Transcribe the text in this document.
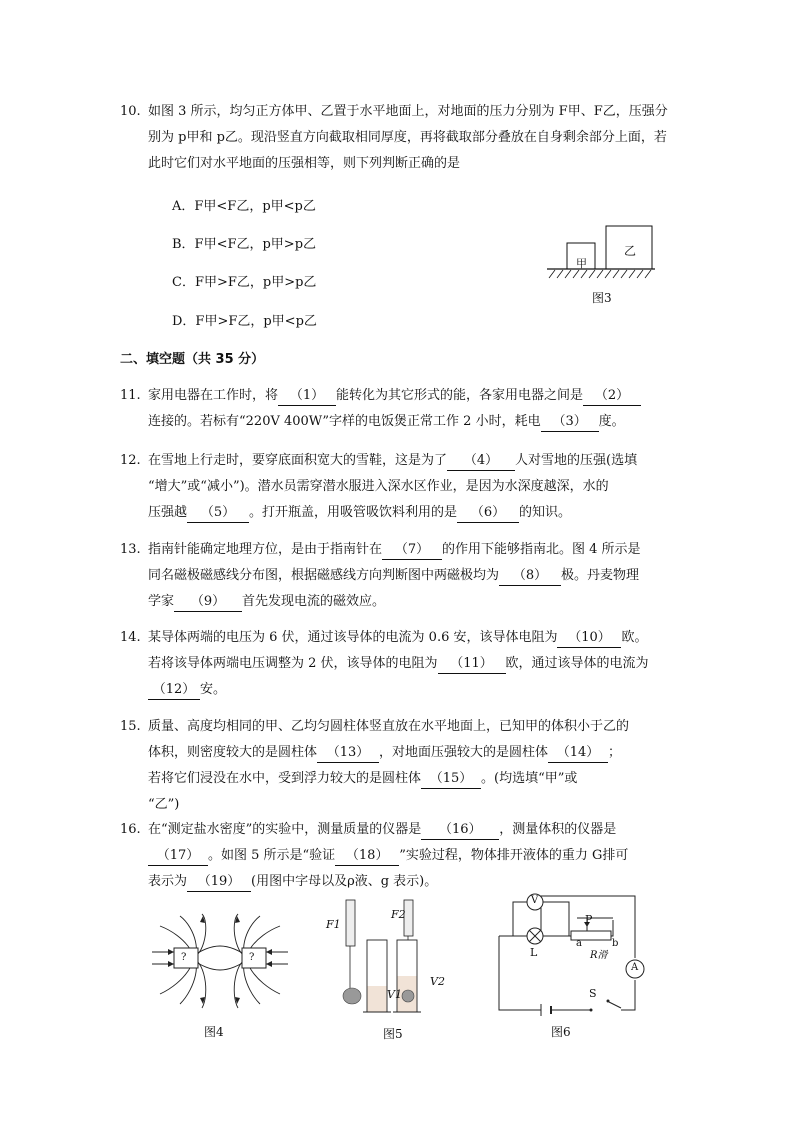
10. 如图 3 所示，均匀正方体甲、乙置于水平地面上，对地面的压力分别为 F甲、F乙，压强分
别为 p甲和 p乙。现沿竖直方向截取相同厚度，再将截取部分叠放在自身剩余部分上面，若
此时它们对水平地面的压强相等，则下列判断正确的是
A．F甲<F乙，p甲<p乙
B．F甲<F乙，p甲>p乙
C．F甲>F乙，p甲>p乙
D．F甲>F乙，p甲<p乙
甲
乙
图3
二、填空题（共 35 分）
11. 家用电器在工作时，将 （1） 能转化为其它形式的能，各家用电器之间是 （2）
连接的。若标有“220V 400W”字样的电饭煲正常工作 2 小时，耗电 （3） 度。
12. 在雪地上行走时，要穿底面积宽大的雪鞋，这是为了 （4） 人对雪地的压强(选填
“增大”或“减小”)。潜水员需穿潜水服进入深水区作业，是因为水深度越深，水的
压强越 （5） 。打开瓶盖，用吸管吸饮料利用的是 （6） 的知识。
13. 指南针能确定地理方位，是由于指南针在 （7） 的作用下能够指南北。图 4 所示是
同名磁极磁感线分布图，根据磁感线方向判断图中两磁极均为 （8） 极。丹麦物理
学家 （9） 首先发现电流的磁效应。
14. 某导体两端的电压为 6 伏，通过该导体的电流为 0.6 安，该导体电阻为 （10） 欧。
若将该导体两端电压调整为 2 伏，该导体的电阻为 （11） 欧，通过该导体的电流为
（12） 安。
15. 质量、高度均相同的甲、乙均匀圆柱体竖直放在水平地面上，已知甲的体积小于乙的
体积，则密度较大的是圆柱体 （13） ，对地面压强较大的是圆柱体 （14） ；
若将它们浸没在水中，受到浮力较大的是圆柱体 （15） 。(均选填“甲”或
“乙”)
16. 在“测定盐水密度”的实验中，测量质量的仪器是 （16） ，测量体积的仪器是
（17） 。如图 5 所示是“验证 （18） ”实验过程，物体排开液体的重力 G排可
表示为 （19） (用图中字母以及ρ液、g 表示)。
?	?
图4
F1
F2
V1
V2
图5
V
A
L
P
a	b
R滑
S
图6
